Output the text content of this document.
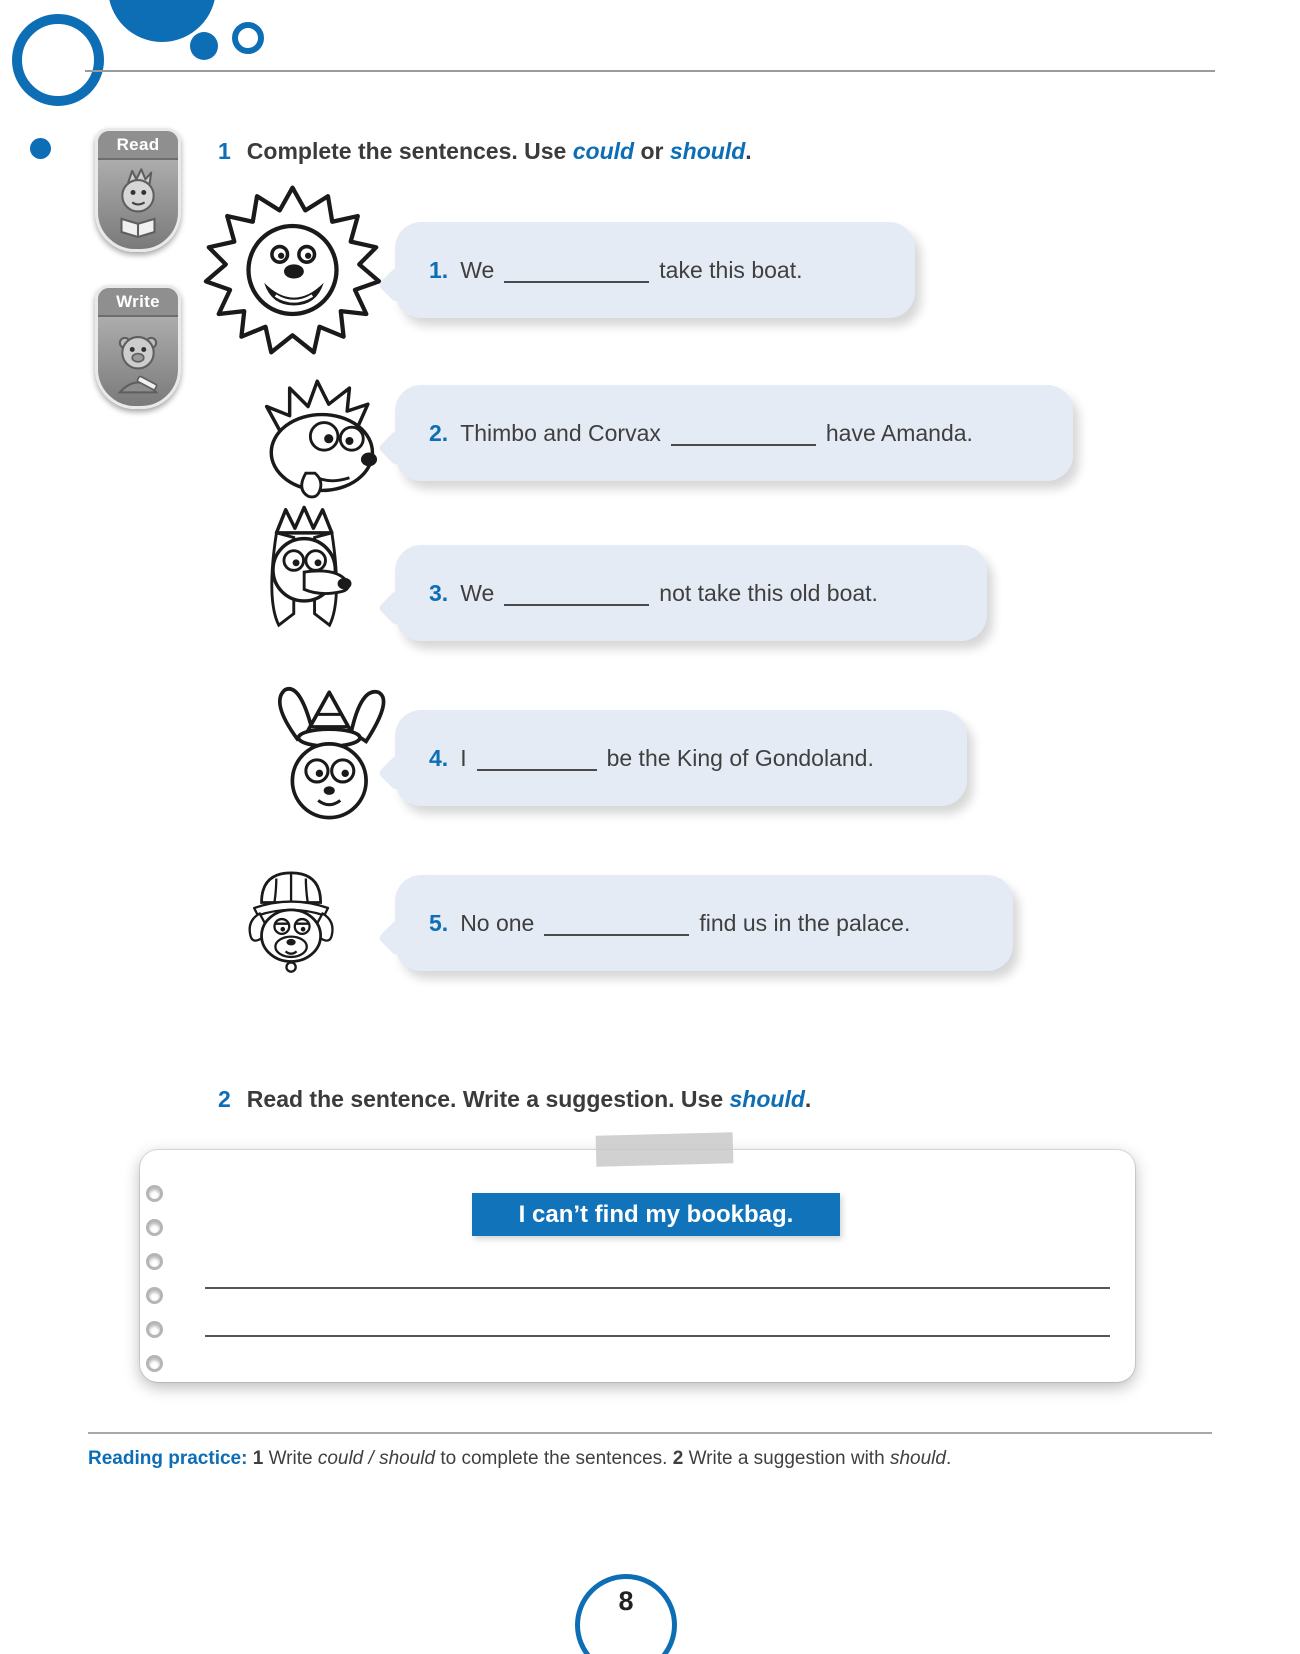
Read
Write
1 Complete the sentences. Use could or should.
1. We	take this boat.
2. Thimbo and Corvax	have Amanda.
3. We	not take this old boat.
4. I	be the King of Gondoland.
5. No one	find us in the palace.
2 Read the sentence. Write a suggestion. Use should.
I can’t find my bookbag.
Reading practice: 1 Write could / should to complete the sentences. 2 Write a suggestion with should.
8
